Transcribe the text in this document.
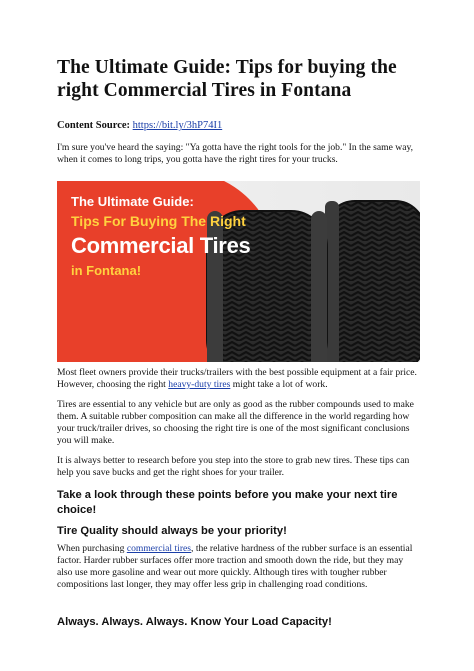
The Ultimate Guide: Tips for buying the right Commercial Tires in Fontana
Content Source: https://bit.ly/3hP74I1

I'm sure you've heard the saying: "Ya gotta have the right tools for the job." In the same way, when it comes to long trips, you gotta have the right tires for your trucks.

The Ultimate Guide:
Tips For Buying The Right
Commercial Tires
in Fontana!

Most fleet owners provide their trucks/trailers with the best possible equipment at a fair price. However, choosing the right heavy-duty tires might take a lot of work.

Tires are essential to any vehicle but are only as good as the rubber compounds used to make them. A suitable rubber composition can make all the difference in the world regarding how your truck/trailer drives, so choosing the right tire is one of the most significant conclusions you will make.

It is always better to research before you step into the store to grab new tires. These tips can help you save bucks and get the right shoes for your trailer.

Take a look through these points before you make your next tire choice!
Tire Quality should always be your priority!

When purchasing commercial tires, the relative hardness of the rubber surface is an essential factor. Harder rubber surfaces offer more traction and smooth down the ride, but they may also use more gasoline and wear out more quickly. Although tires with tougher rubber compositions last longer, they may offer less grip in challenging road conditions.

Always. Always. Always. Know Your Load Capacity!
